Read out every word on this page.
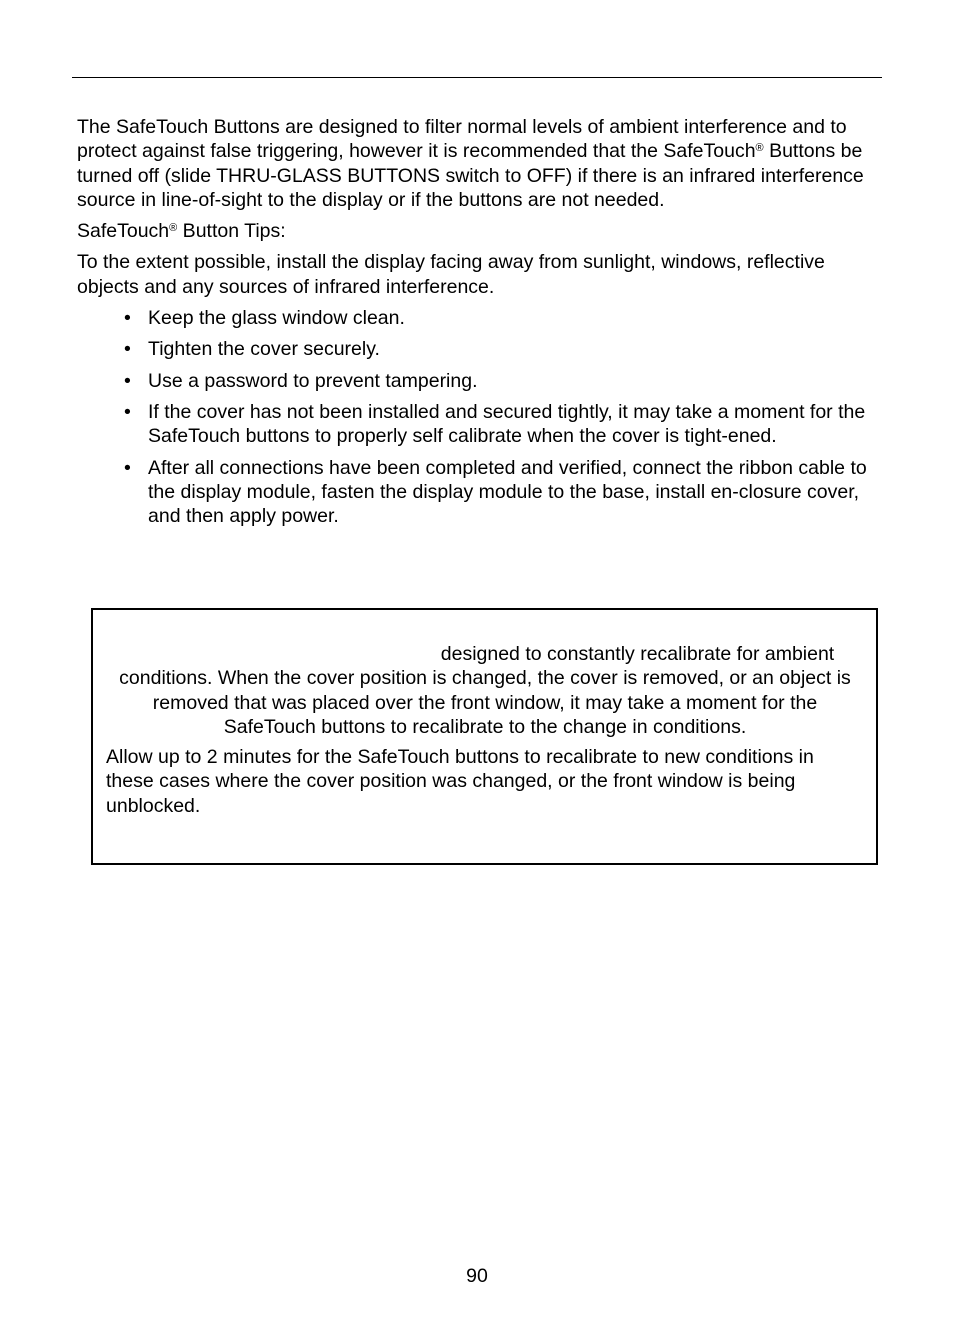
The SafeTouch Buttons are designed to filter normal levels of ambient interference and to protect against false triggering, however it is recommended that the SafeTouch® Buttons be turned off (slide THRU-GLASS BUTTONS switch to OFF) if there is an infrared interference source in line-of-sight to the display or if the buttons are not needed.

SafeTouch® Button Tips:

To the extent possible, install the display facing away from sunlight, windows, reflective objects and any sources of infrared interference.

• Keep the glass window clean.
• Tighten the cover securely.
• Use a password to prevent tampering.
• If the cover has not been installed and secured tightly, it may take a moment for the SafeTouch buttons to properly self calibrate when the cover is tight-ened.
• After all connections have been completed and verified, connect the ribbon cable to the display module, fasten the display module to the base, install en-closure cover, and then apply power.

designed to constantly recalibrate for ambient conditions. When the cover position is changed, the cover is removed, or an object is removed that was placed over the front window, it may take a moment for the SafeTouch buttons to recalibrate to the change in conditions.

Allow up to 2 minutes for the SafeTouch buttons to recalibrate to new conditions in these cases where the cover position was changed, or the front window is being unblocked.

90
